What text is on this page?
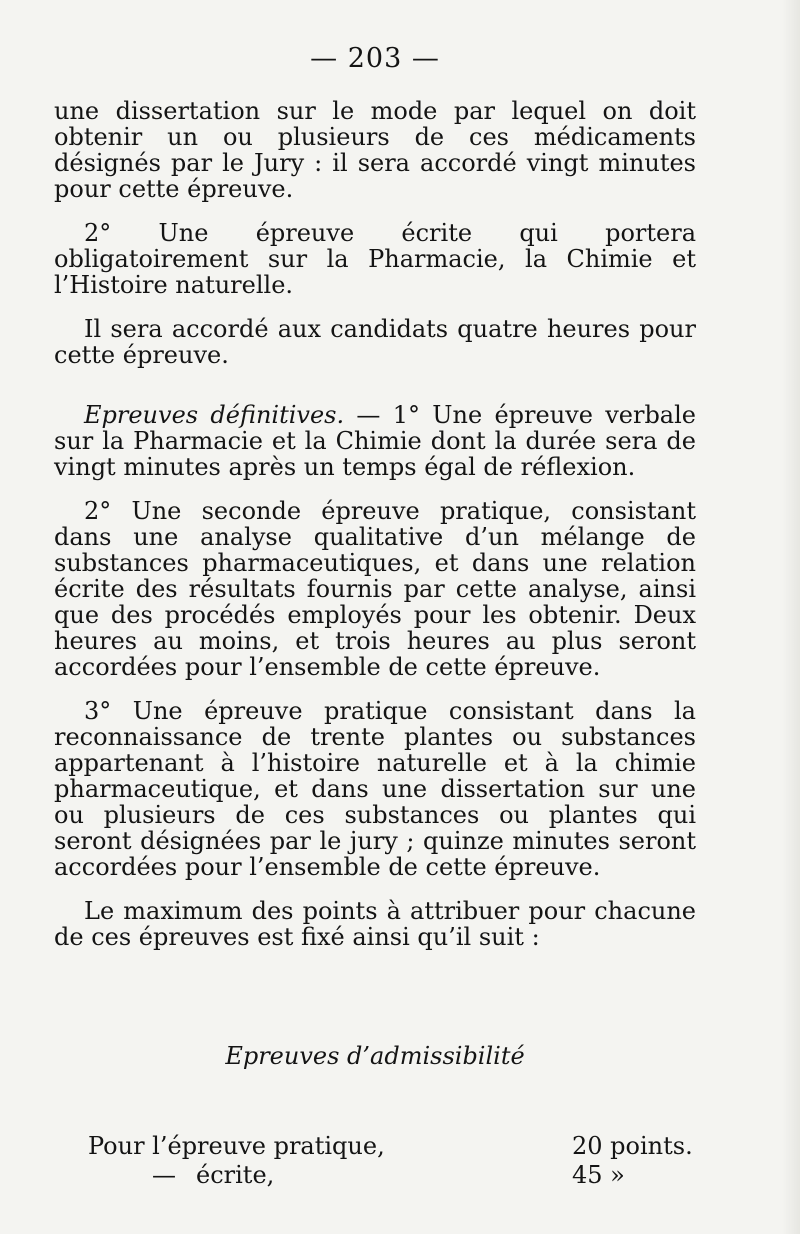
— 203 —

une dissertation sur le mode par lequel on doit obtenir un ou plusieurs de ces médicaments désignés par le Jury : il sera accordé vingt minutes pour cette épreuve.

2° Une épreuve écrite qui portera obligatoirement sur la Pharmacie, la Chimie et l’Histoire naturelle.

Il sera accordé aux candidats quatre heures pour cette épreuve.

Epreuves définitives. — 1° Une épreuve verbale sur la Pharmacie et la Chimie dont la durée sera de vingt minutes après un temps égal de réflexion.

2° Une seconde épreuve pratique, consistant dans une analyse qualitative d’un mélange de substances pharmaceutiques, et dans une relation écrite des résultats fournis par cette analyse, ainsi que des procédés employés pour les obtenir. Deux heures au moins, et trois heures au plus seront accordées pour l’ensemble de cette épreuve.

3° Une épreuve pratique consistant dans la reconnaissance de trente plantes ou substances appartenant à l’histoire naturelle et à la chimie pharmaceutique, et dans une dissertation sur une ou plusieurs de ces substances ou plantes qui seront désignées par le jury ; quinze minutes seront accordées pour l’ensemble de cette épreuve.

Le maximum des points à attribuer pour chacune de ces épreuves est fixé ainsi qu’il suit :

Epreuves d’admissibilité
Pour l’épreuve pratique,	20 points.
— écrite,	45 »
